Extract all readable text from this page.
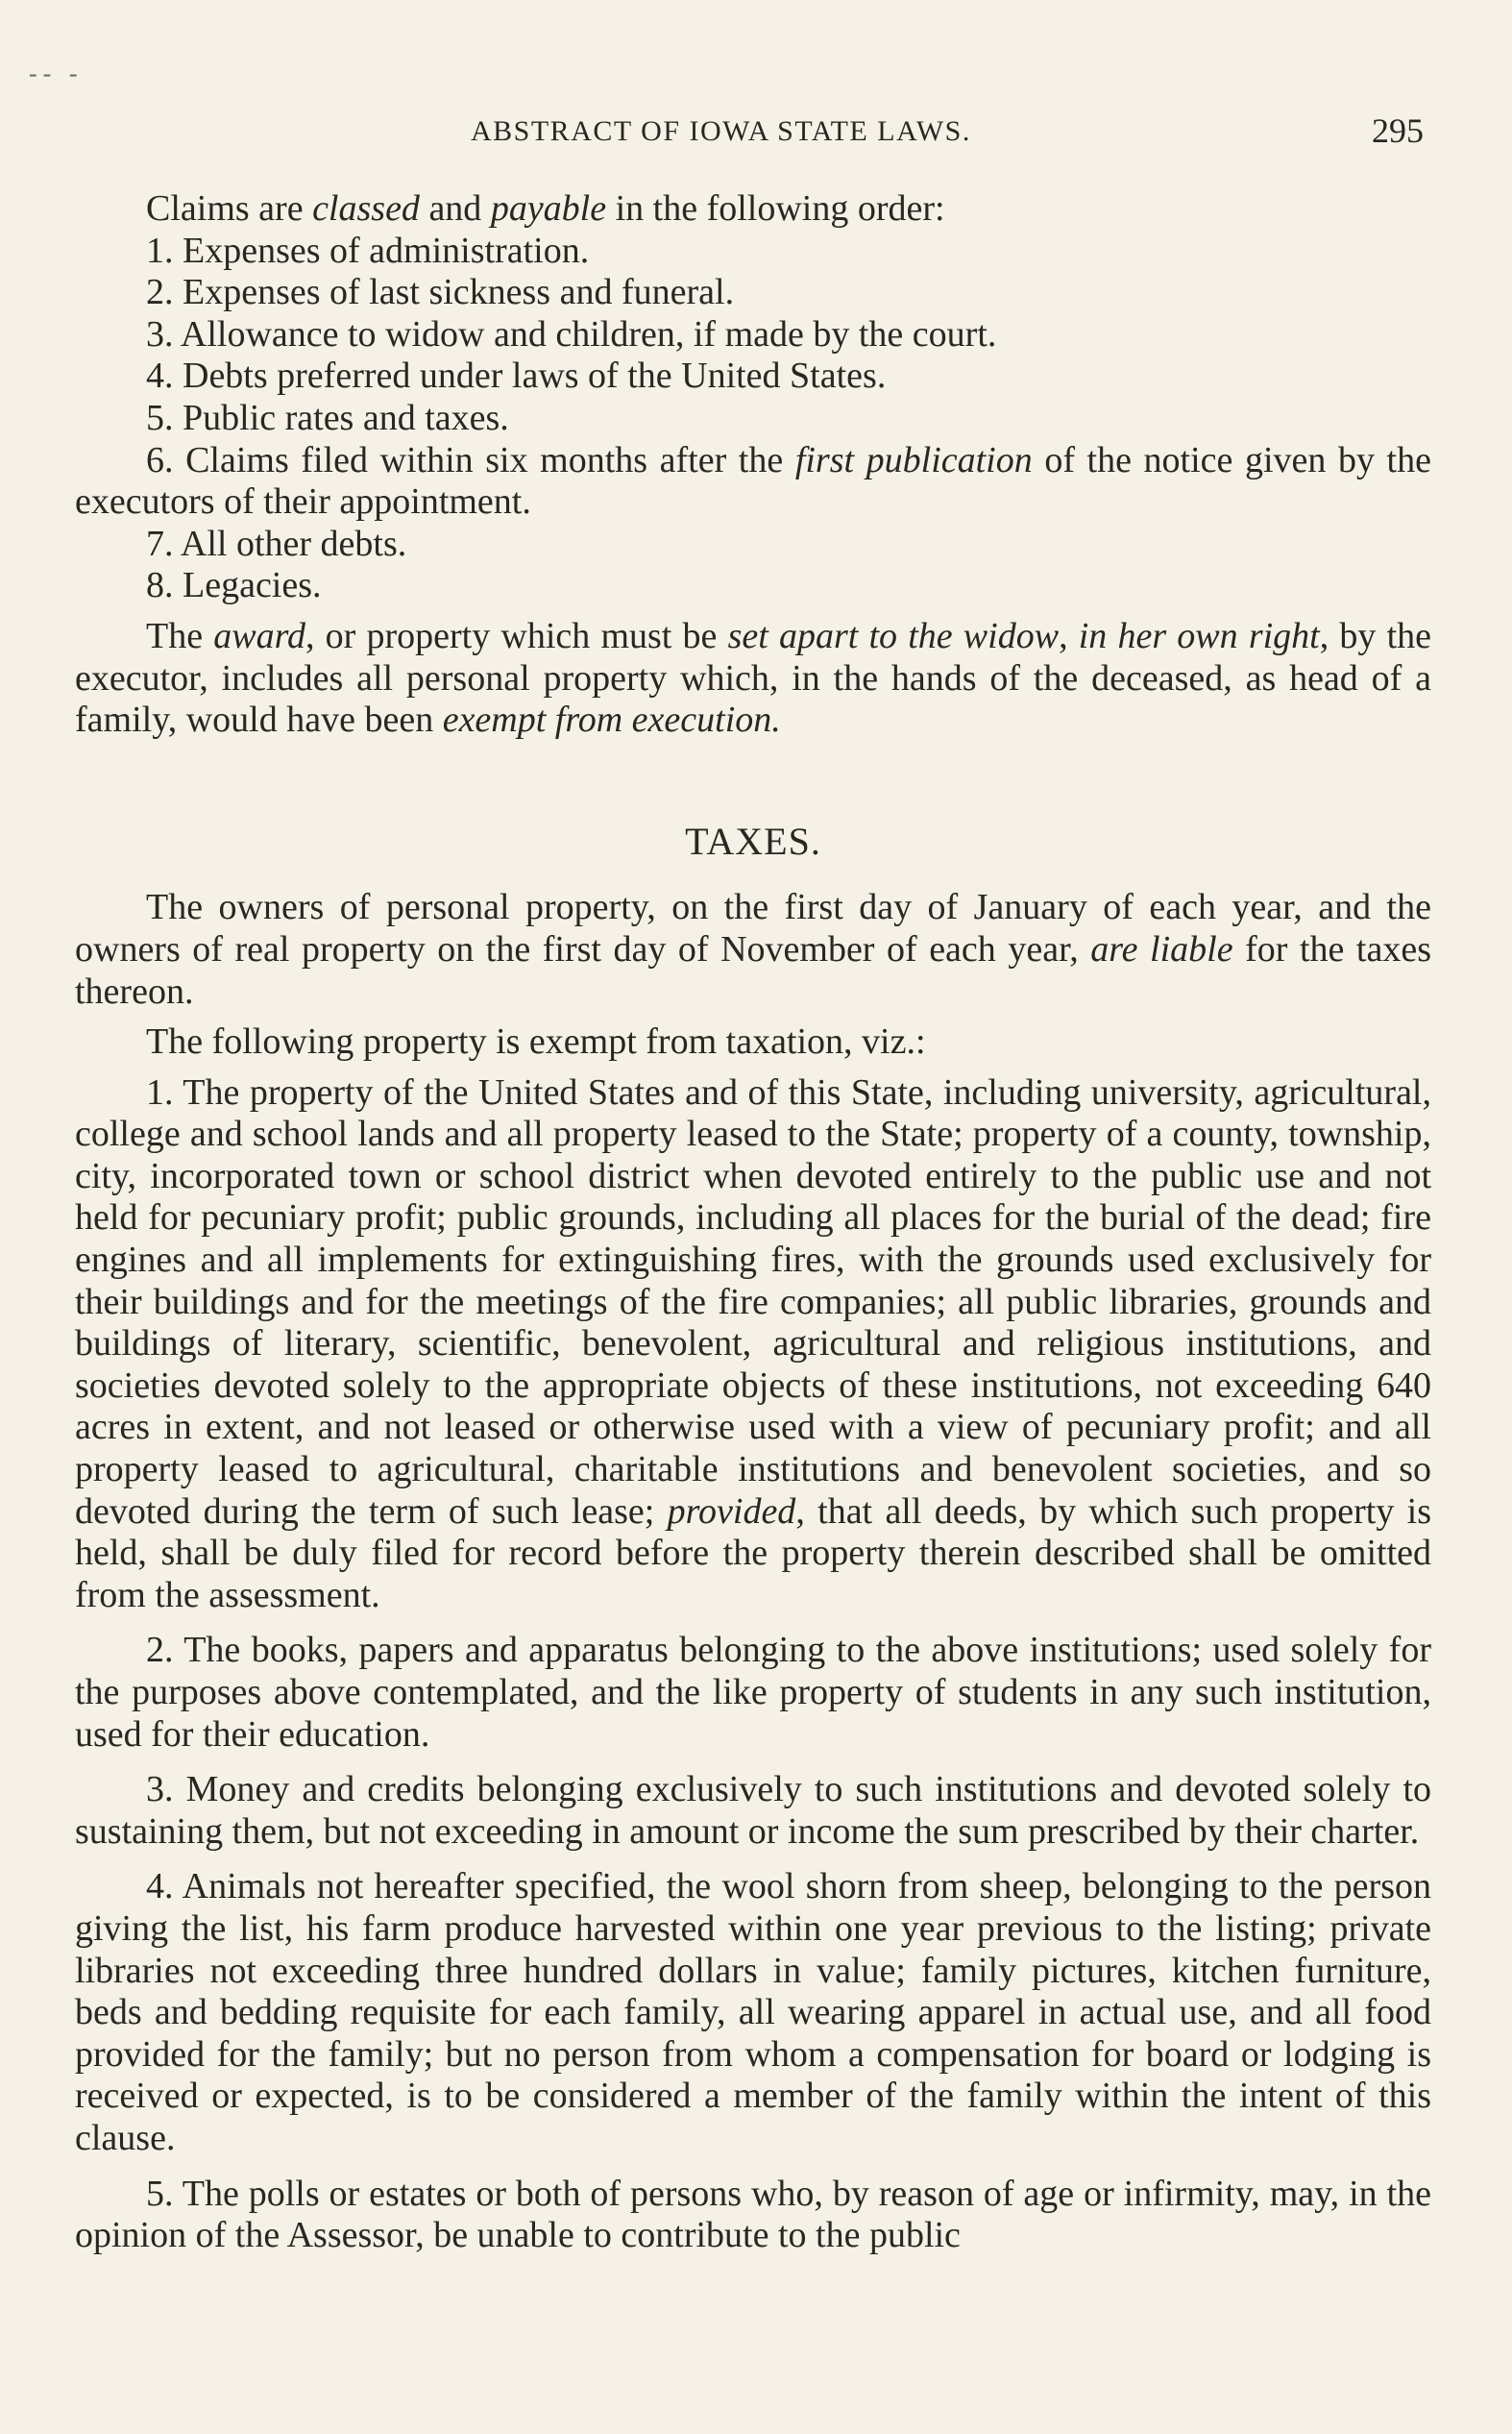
-- -
ABSTRACT OF IOWA STATE LAWS.	295

Claims are classed and payable in the following order:

1. Expenses of administration.

2. Expenses of last sickness and funeral.

3. Allowance to widow and children, if made by the court.

4. Debts preferred under laws of the United States.

5. Public rates and taxes.

6. Claims filed within six months after the first publication of the notice given by the executors of their appointment.

7. All other debts.

8. Legacies.

The award, or property which must be set apart to the widow, in her own right, by the executor, includes all personal property which, in the hands of the deceased, as head of a family, would have been exempt from execution.

TAXES.

The owners of personal property, on the first day of January of each year, and the owners of real property on the first day of November of each year, are liable for the taxes thereon.

The following property is exempt from taxation, viz.:

1. The property of the United States and of this State, including university, agricultural, college and school lands and all property leased to the State; property of a county, township, city, incorporated town or school district when devoted entirely to the public use and not held for pecuniary profit; public grounds, including all places for the burial of the dead; fire engines and all implements for extinguishing fires, with the grounds used exclusively for their buildings and for the meetings of the fire companies; all public libraries, grounds and buildings of literary, scientific, benevolent, agricultural and religious institutions, and societies devoted solely to the appropriate objects of these institutions, not exceeding 640 acres in extent, and not leased or otherwise used with a view of pecuniary profit; and all property leased to agricultural, charitable institutions and benevolent societies, and so devoted during the term of such lease; provided, that all deeds, by which such property is held, shall be duly filed for record before the property therein described shall be omitted from the assessment.

2. The books, papers and apparatus belonging to the above institutions; used solely for the purposes above contemplated, and the like property of students in any such institution, used for their education.

3. Money and credits belonging exclusively to such institutions and devoted solely to sustaining them, but not exceeding in amount or income the sum prescribed by their charter.

4. Animals not hereafter specified, the wool shorn from sheep, belonging to the person giving the list, his farm produce harvested within one year previous to the listing; private libraries not exceeding three hundred dollars in value; family pictures, kitchen furniture, beds and bedding requisite for each family, all wearing apparel in actual use, and all food provided for the family; but no person from whom a compensation for board or lodging is received or expected, is to be considered a member of the family within the intent of this clause.

5. The polls or estates or both of persons who, by reason of age or infirmity, may, in the opinion of the Assessor, be unable to contribute to the public
